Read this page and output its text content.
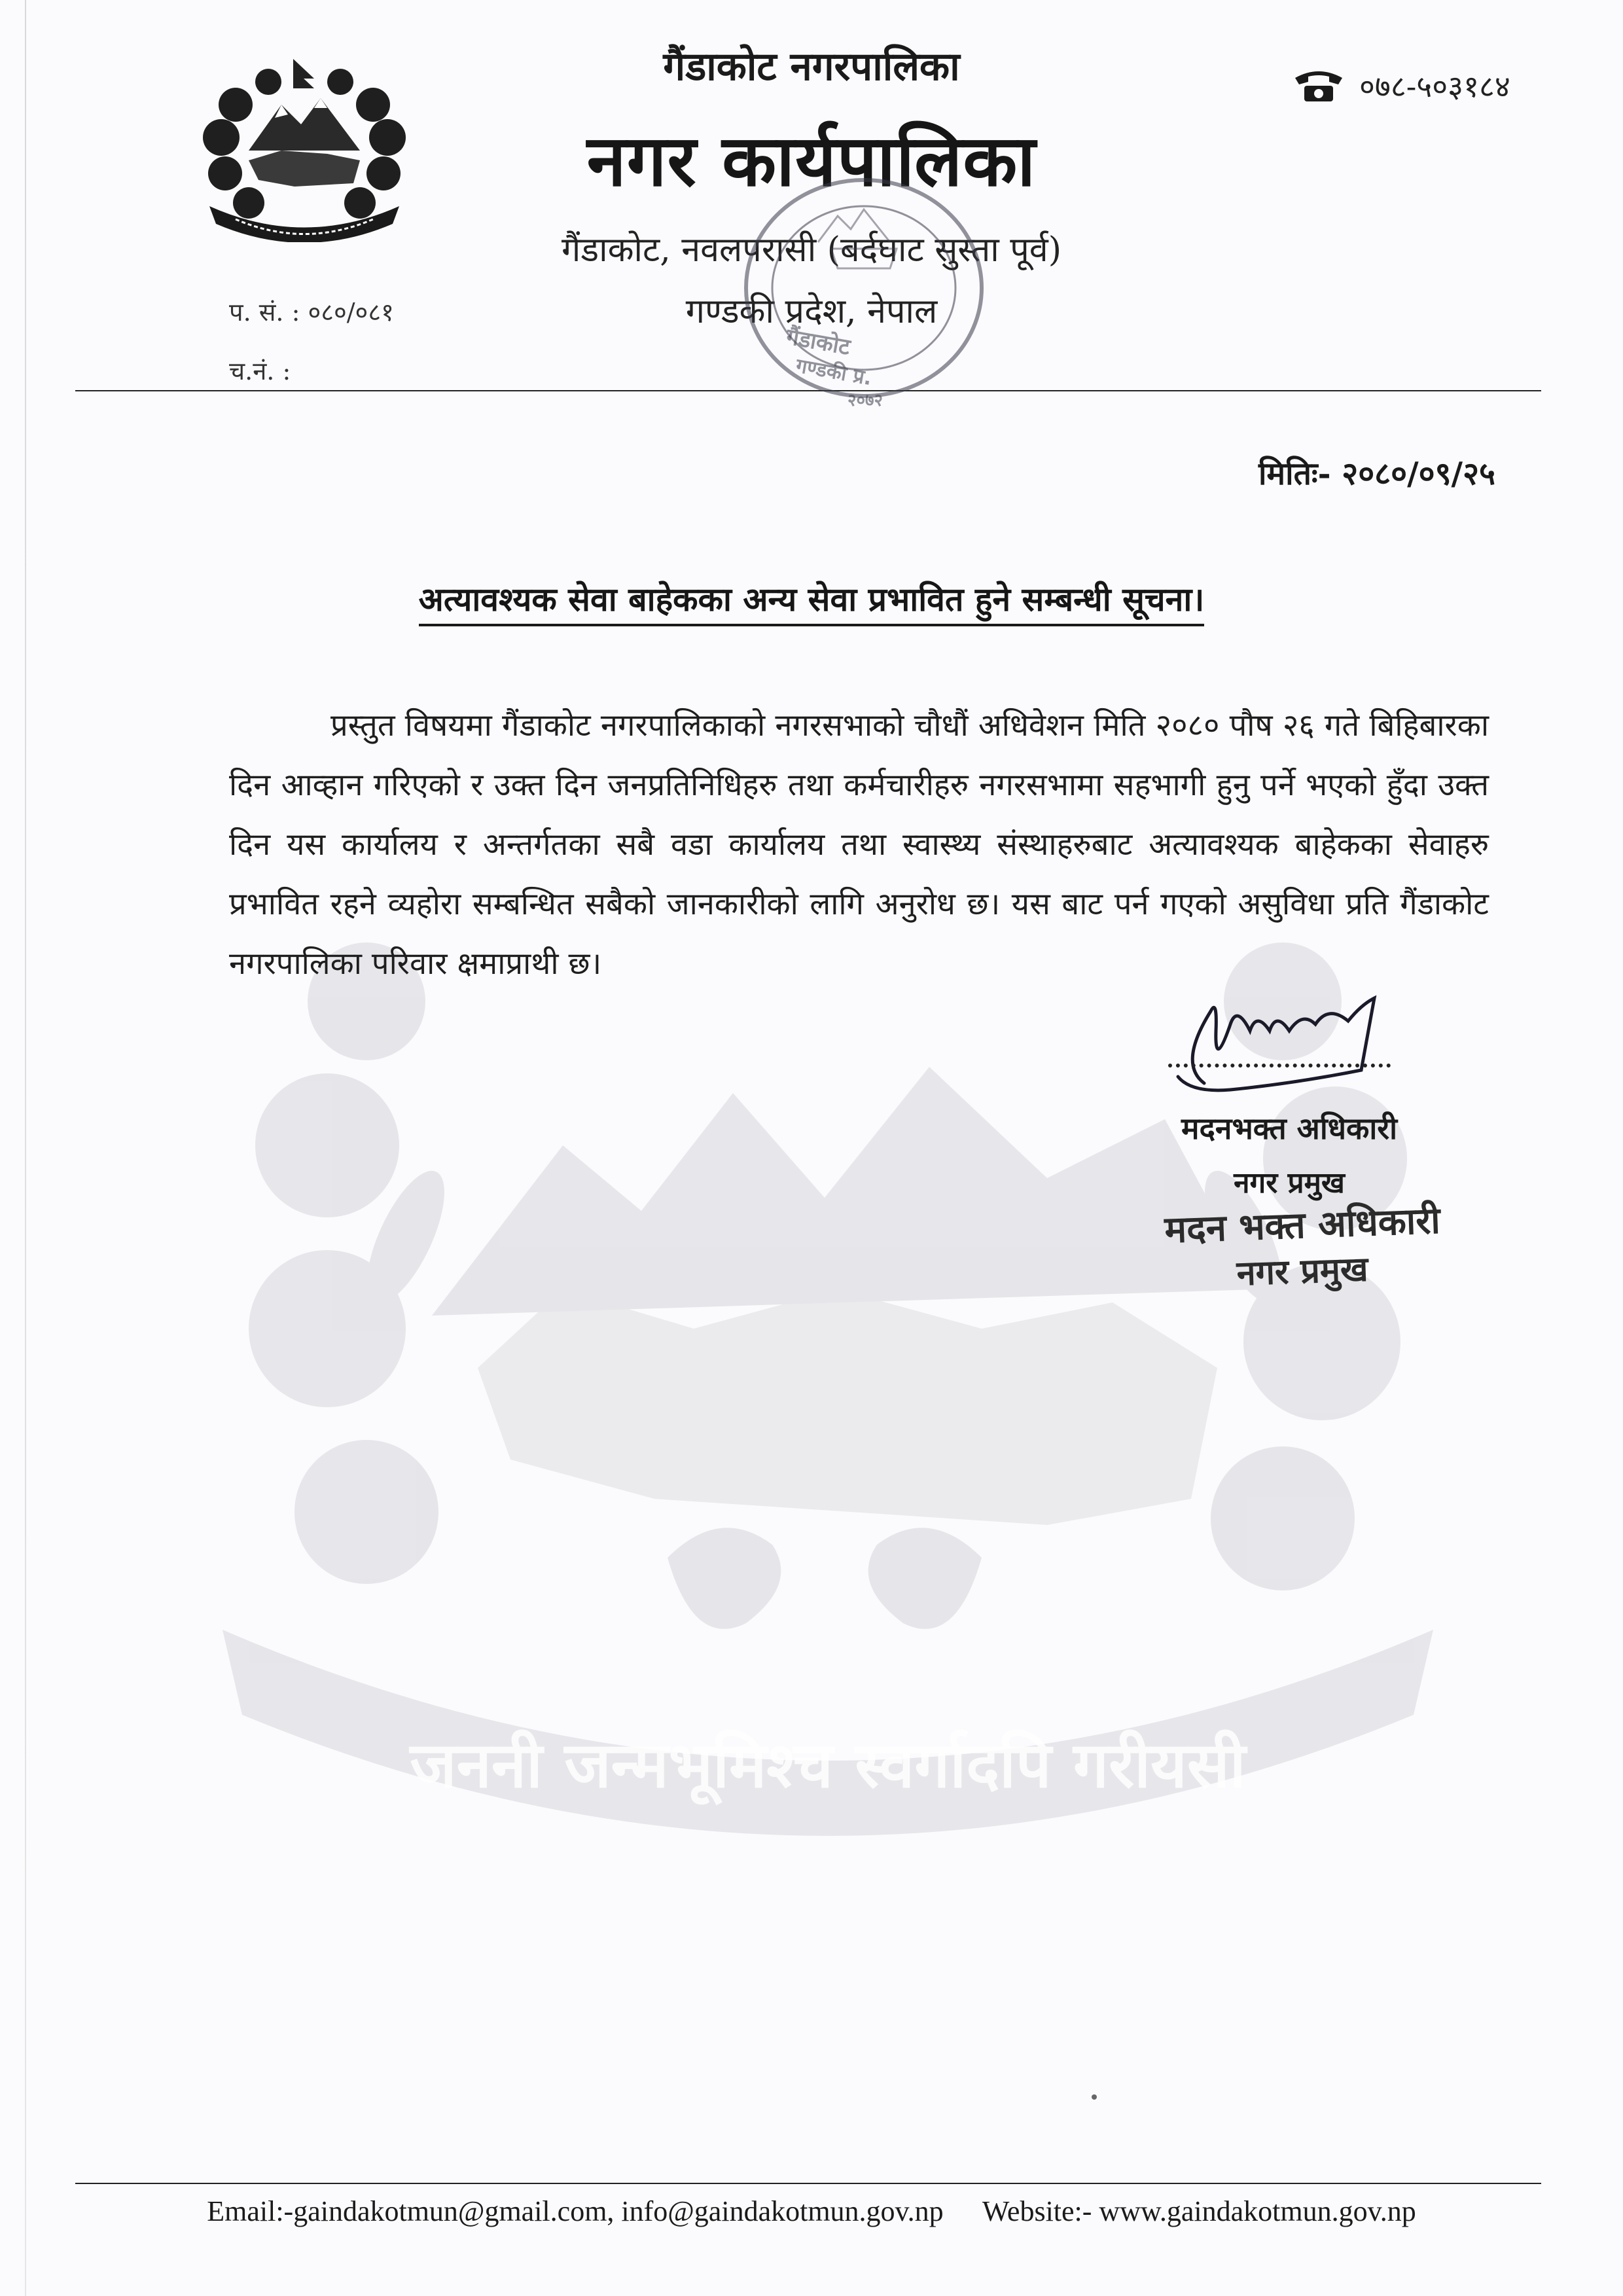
जननी जन्मभूमिश्च स्वर्गादपि गरीयसी
गैंडाकोट नगरपालिका
नगर कार्यपालिका
गैंडाकोट, नवलपरासी (बर्दघाट सुस्ता पूर्व)
गण्डकी प्रदेश, नेपाल
०७८-५०३१८४
प. सं. : ०८०/०८१
च.नं. :
गैंडाकोट
गण्डकी प्र.
२०७२
मितिः- २०८०/०९/२५
अत्यावश्यक सेवा बाहेकका अन्य सेवा प्रभावित हुने सम्बन्धी सूचना।
प्रस्तुत विषयमा गैंडाकोट नगरपालिकाको नगरसभाको चौधौं अधिवेशन मिति २०८० पौष २६ गते बिहिबारका दिन आव्हान गरिएको र उक्त दिन जनप्रतिनिधिहरु तथा कर्मचारीहरु नगरसभामा सहभागी हुनु पर्ने भएको हुँदा उक्त दिन यस कार्यालय र अन्तर्गतका सबै वडा कार्यालय तथा स्वास्थ्य संस्थाहरुबाट अत्यावश्यक बाहेकका सेवाहरु प्रभावित रहने व्यहोरा सम्बन्धित सबैको जानकारीको लागि अनुरोध छ। यस बाट पर्न गएको असुविधा प्रति गैंडाकोट नगरपालिका परिवार क्षमाप्राथी छ।
मदनभक्त अधिकारी
नगर प्रमुख
मदन भक्त अधिकारी
नगर प्रमुख
Email:-gaindakotmun@gmail.com, info@gaindakotmun.gov.np Website:- www.gaindakotmun.gov.np
